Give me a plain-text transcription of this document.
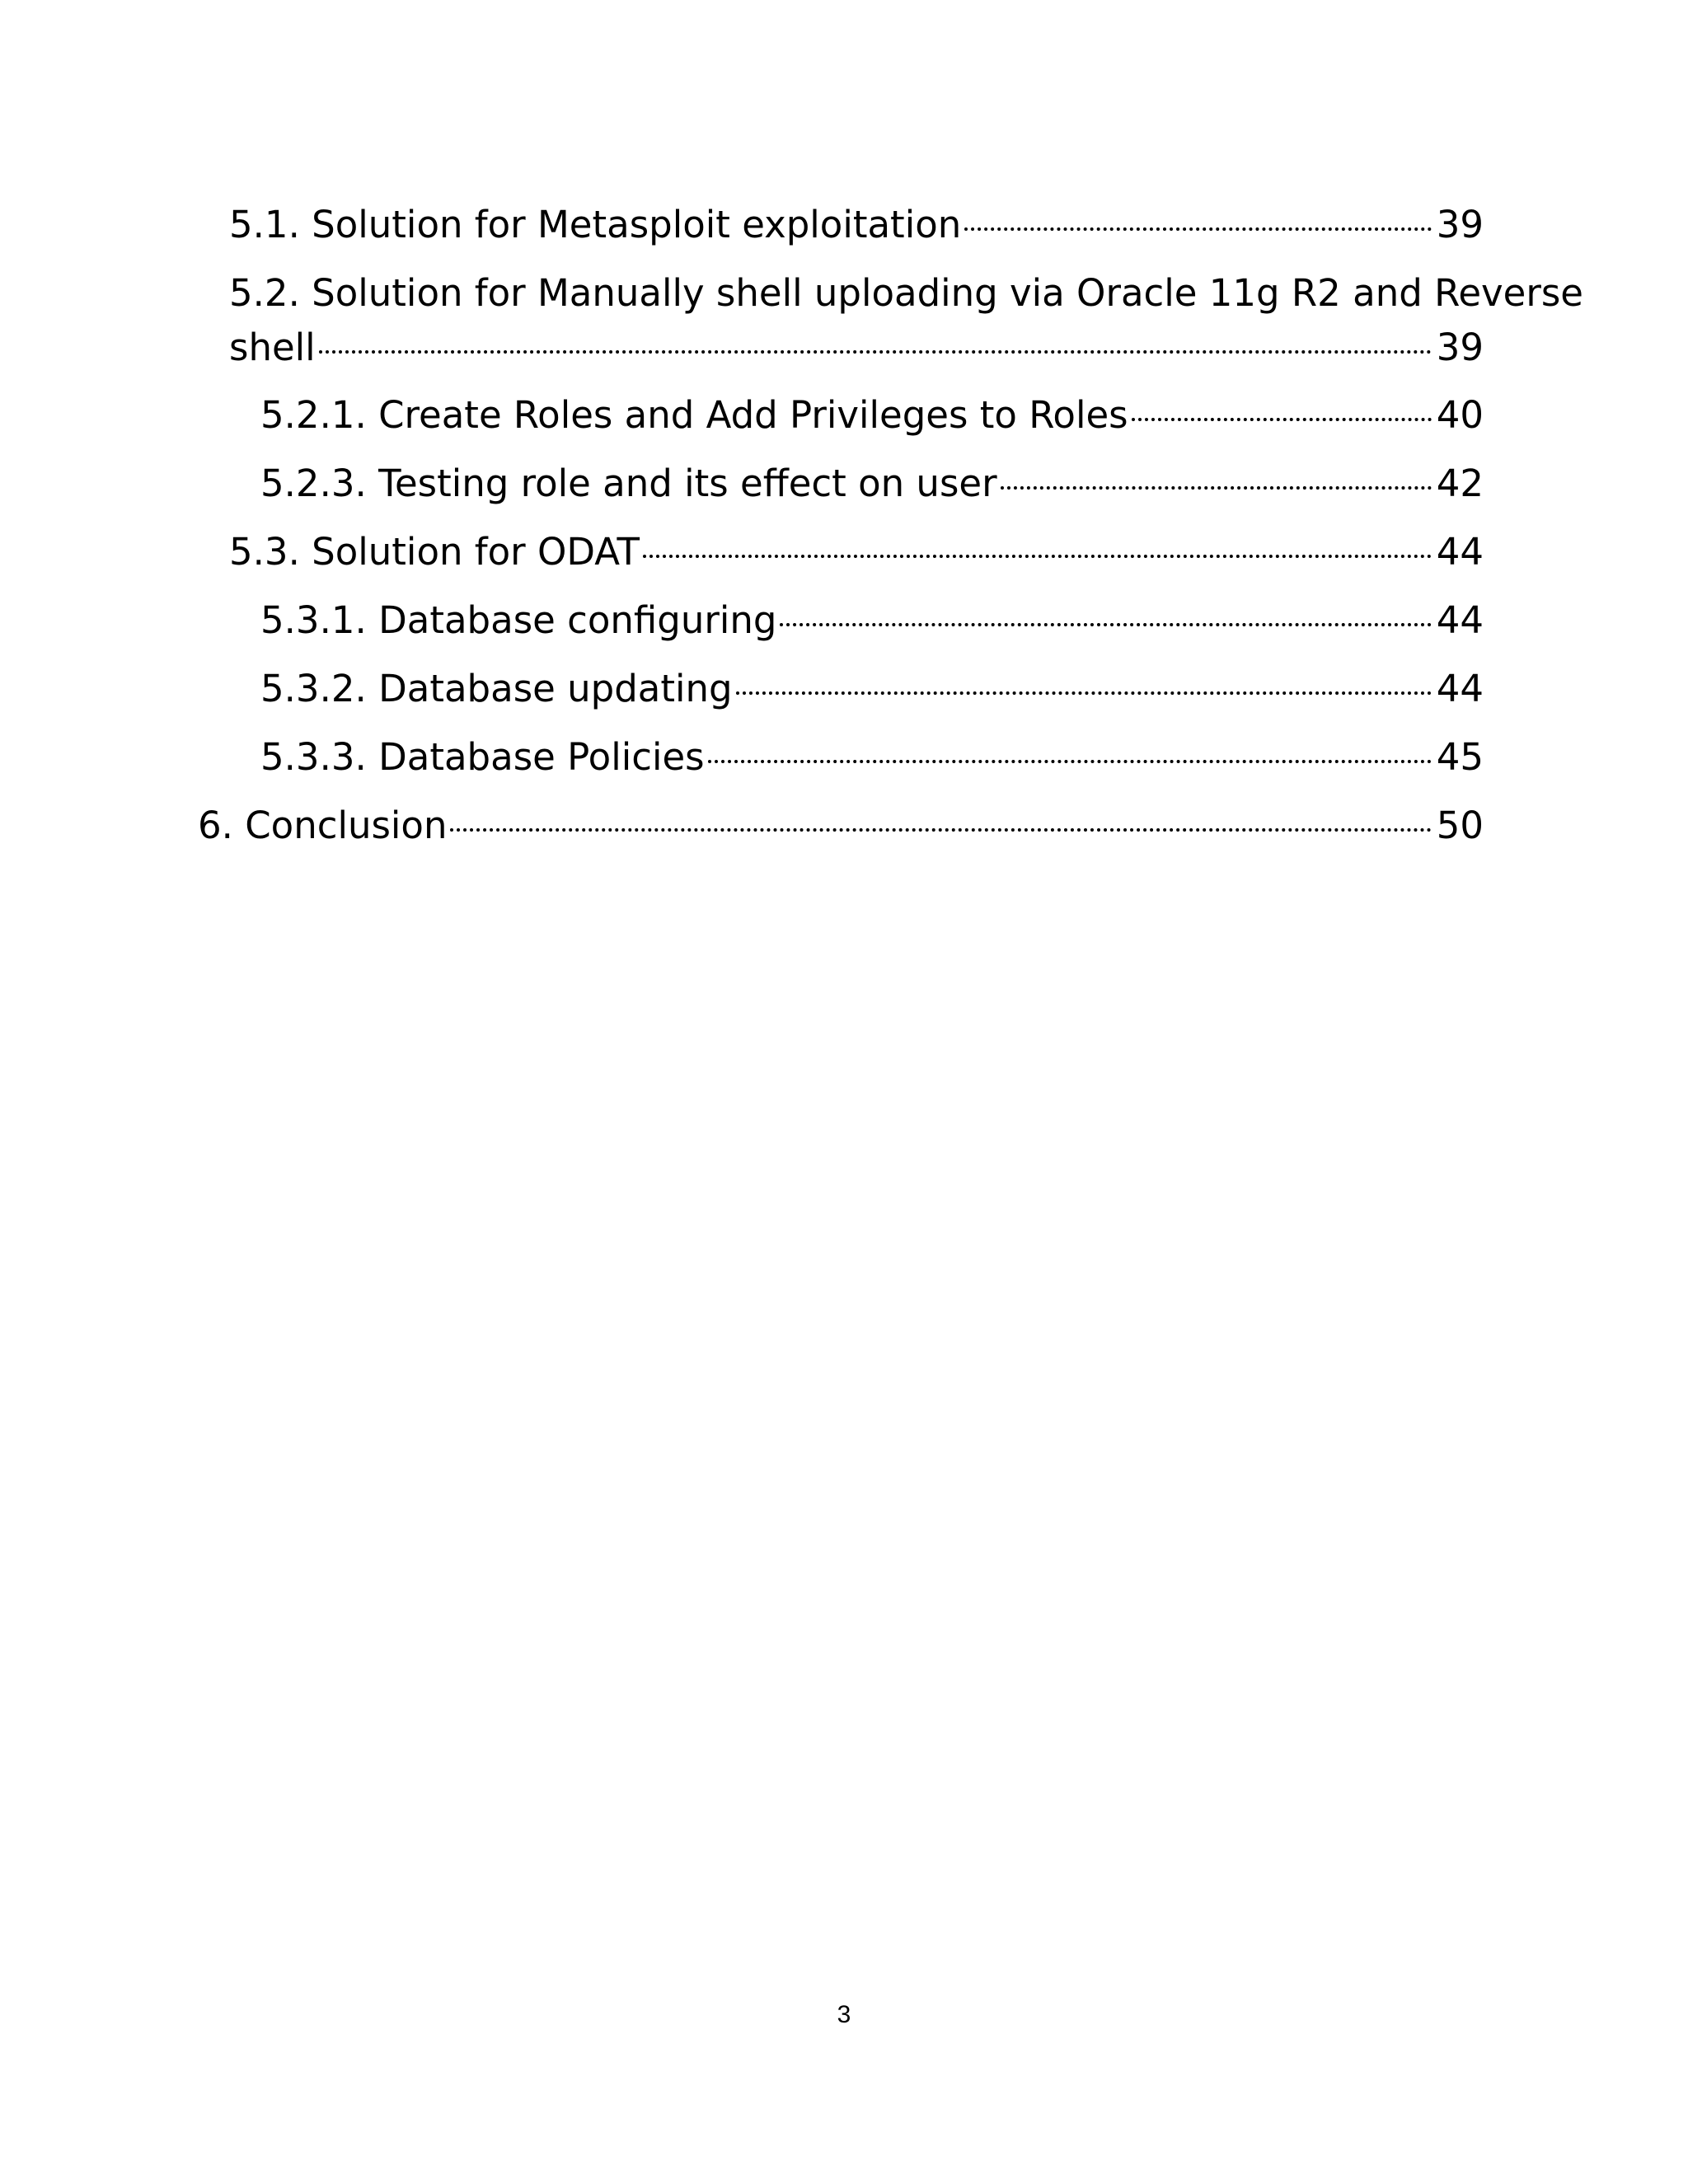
5.1. Solution for Metasploit exploitation	39
5.2. Solution for Manually shell uploading via Oracle 11g R2 and Reverse
shell	39
5.2.1. Create Roles and Add Privileges to Roles	40
5.2.3. Testing role and its effect on user	42
5.3. Solution for ODAT	44
5.3.1. Database configuring	44
5.3.2. Database updating	44
5.3.3. Database Policies	45
6. Conclusion	50
3
